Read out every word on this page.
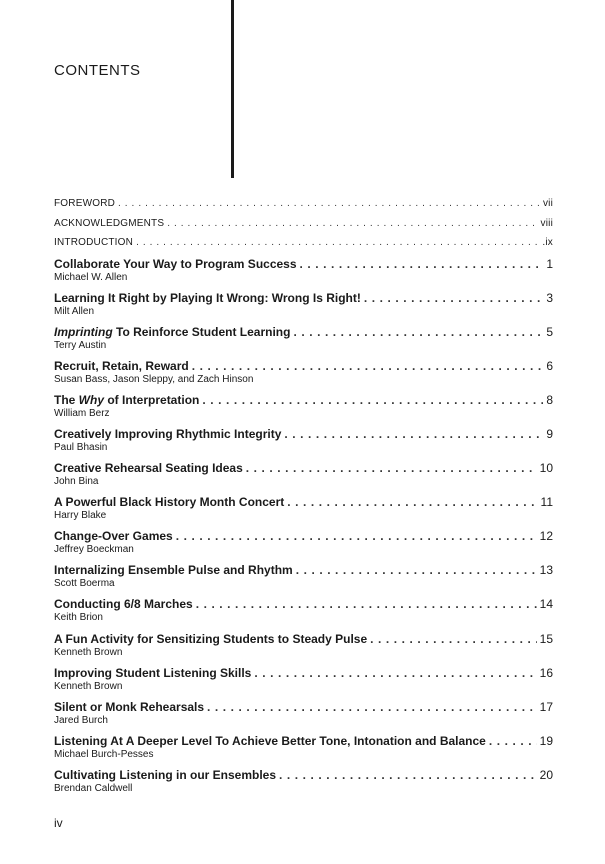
CONTENTS
FOREWORD . . .	vii
ACKNOWLEDGMENTS . . .	viii
INTRODUCTION . . .	.ix
Collaborate Your Way to Program Success . . .	1
Michael W. Allen
Learning It Right by Playing It Wrong: Wrong Is Right! . . .	3
Milt Allen
Imprinting To Reinforce Student Learning . . .	5
Terry Austin
Recruit, Retain, Reward . . .	6
Susan Bass, Jason Sleppy, and Zach Hinson
The Why of Interpretation . . .	8
William Berz
Creatively Improving Rhythmic Integrity . . .	9
Paul Bhasin
Creative Rehearsal Seating Ideas . . .	10
John Bina
A Powerful Black History Month Concert . . .	11
Harry Blake
Change-Over Games . . .	12
Jeffrey Boeckman
Internalizing Ensemble Pulse and Rhythm . . .	13
Scott Boerma
Conducting 6/8 Marches . . .	14
Keith Brion
A Fun Activity for Sensitizing Students to Steady Pulse . . .	15
Kenneth Brown
Improving Student Listening Skills . . .	16
Kenneth Brown
Silent or Monk Rehearsals . . .	17
Jared Burch
Listening At A Deeper Level To Achieve Better Tone, Intonation and Balance . . .	19
Michael Burch-Pesses
Cultivating Listening in our Ensembles . . .	20
Brendan Caldwell
iv
